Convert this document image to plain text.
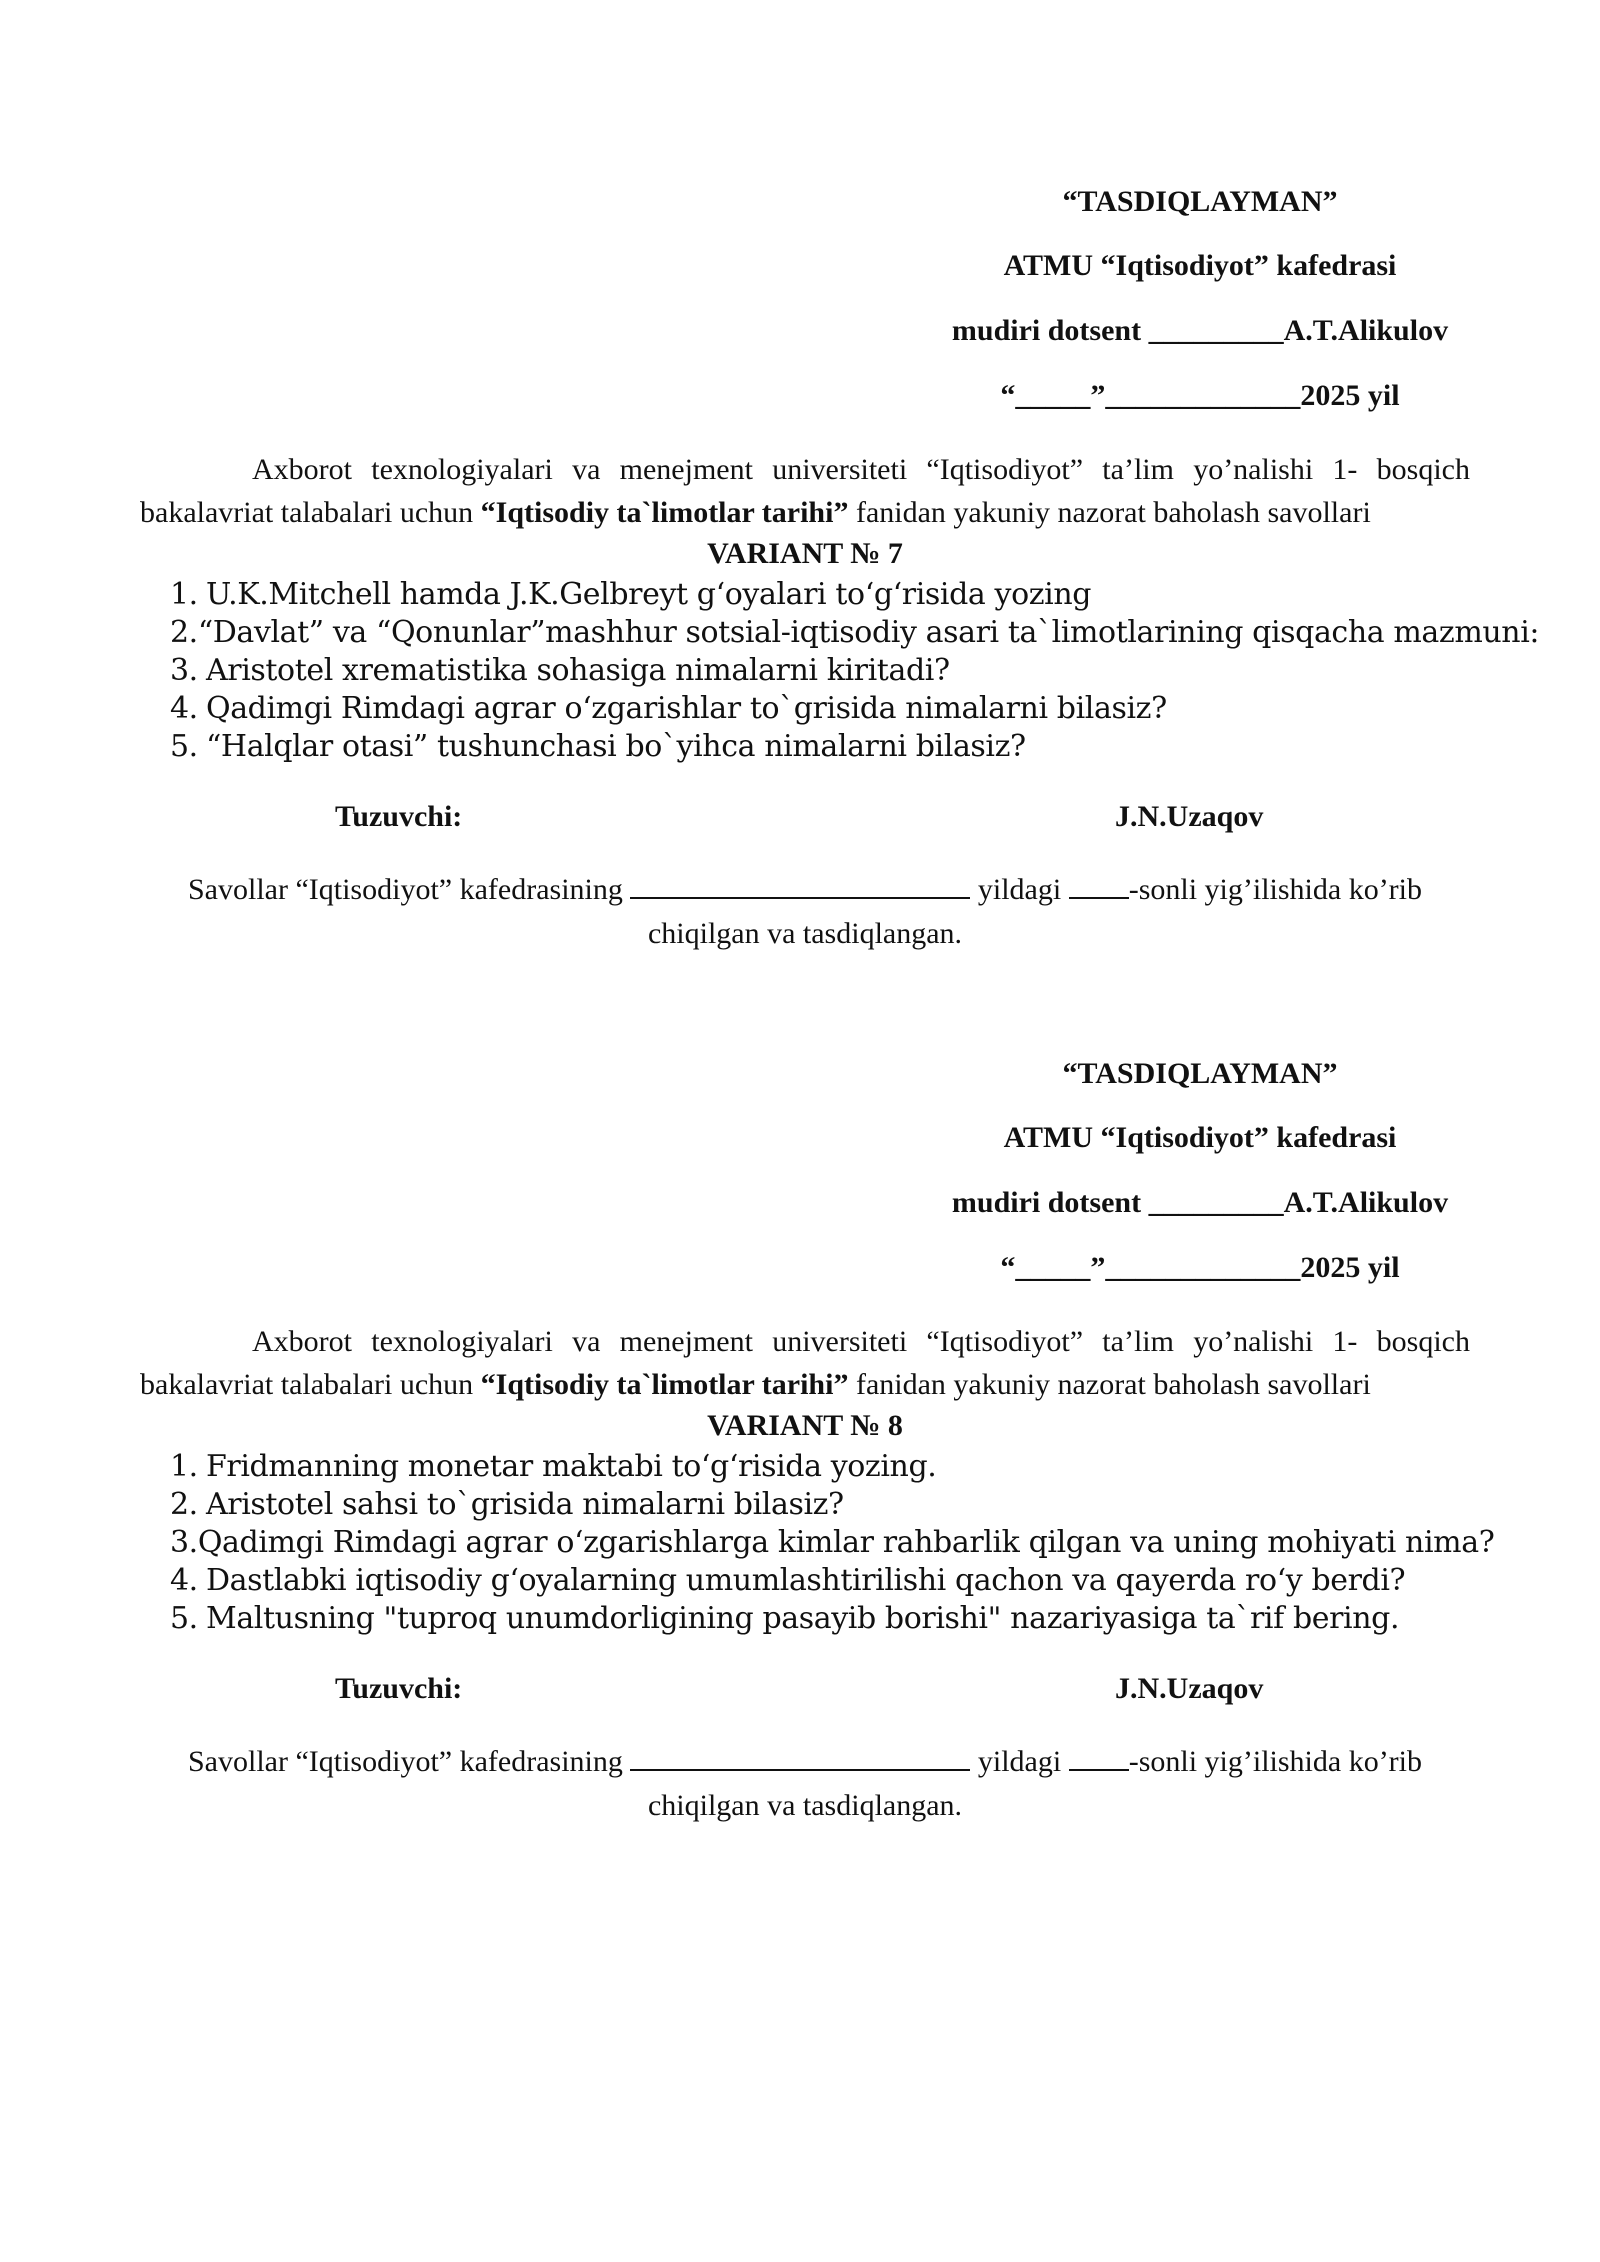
“TASDIQLAYMAN”
ATMU “Iqtisodiyot” kafedrasi
mudiri dotsent _________A.T.Alikulov
“_____”_____________2025 yil
Axborot texnologiyalari va menejment universiteti “Iqtisodiyot” ta’lim yo’nalishi 1- bosqich bakalavriat talabalari uchun “Iqtisodiy ta`limotlar tarihi” fanidan yakuniy nazorat baholash savollari
VARIANT № 7
1. U.K.Mitchell hamda J.K.Gelbreyt g‘oyalari to‘g‘risida yozing
2. “Davlat” va “Qonunlar”mashhur sotsial-iqtisodiy asari ta`limotlarining qisqacha mazmuni:
3. Aristotel xrematistika sohasiga nimalarni kiritadi?
4. Qadimgi Rimdagi agrar o‘zgarishlar to`grisida nimalarni bilasiz?
5. “Halqlar otasi” tushunchasi bo`yihca nimalarni bilasiz?
Tuzuvchi:	J.N.Uzaqov
Savollar “Iqtisodiyot” kafedrasining	yildagi -sonli yig’ilishida ko’rib chiqilgan va tasdiqlangan.
“TASDIQLAYMAN”
ATMU “Iqtisodiyot” kafedrasi
mudiri dotsent _________A.T.Alikulov
“_____”_____________2025 yil
Axborot texnologiyalari va menejment universiteti “Iqtisodiyot” ta’lim yo’nalishi 1- bosqich bakalavriat talabalari uchun “Iqtisodiy ta`limotlar tarihi” fanidan yakuniy nazorat baholash savollari
VARIANT № 8
1. Fridmanning monetar maktabi to‘g‘risida yozing.
2. Aristotel sahsi to`grisida nimalarni bilasiz?
3. Qadimgi Rimdagi agrar o‘zgarishlarga kimlar rahbarlik qilgan va uning mohiyati nima?
4. Dastlabki iqtisodiy g‘oyalarning umumlashtirilishi qachon va qayerda ro‘y berdi?
5. Maltusning "tuproq unumdorligining pasayib borishi" nazariyasiga ta`rif bering.
Tuzuvchi:	J.N.Uzaqov
Savollar “Iqtisodiyot” kafedrasining	yildagi -sonli yig’ilishida ko’rib chiqilgan va tasdiqlangan.
